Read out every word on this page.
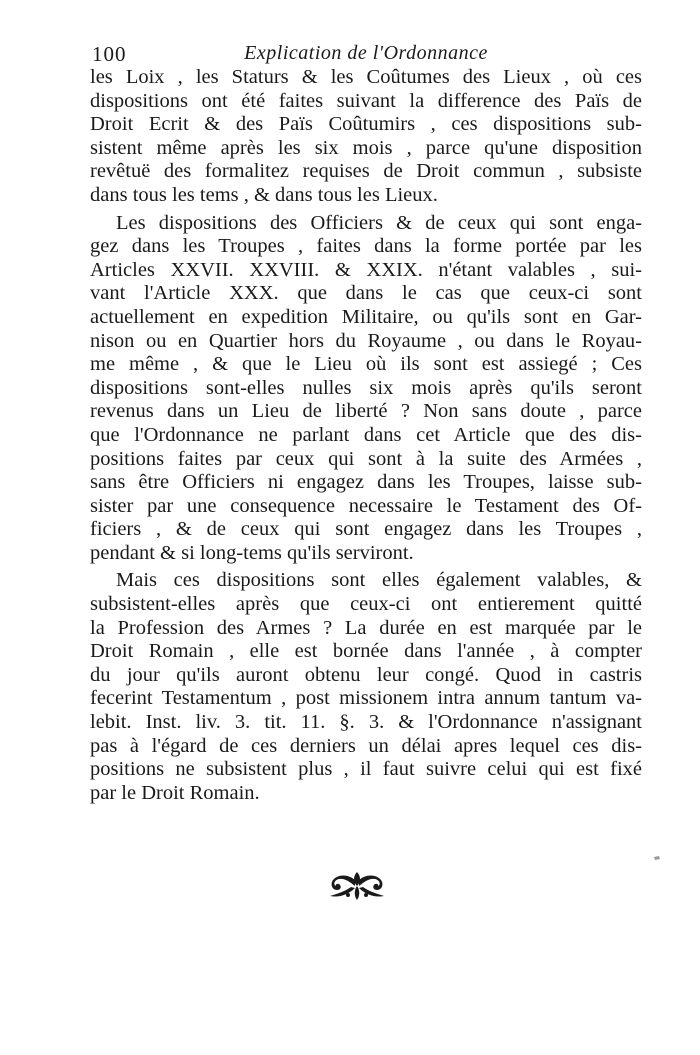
100	Explication de l'Ordonnance
les Loix , les Staturs & les Coûtumes des Lieux , où ces
dispositions ont été faites suivant la difference des Païs de
Droit Ecrit & des Païs Coûtumirs , ces dispositions sub-
sistent même après les six mois , parce qu'une disposition
revêtuë des formalitez requises de Droit commun , subsiste
dans tous les tems , & dans tous les Lieux.
Les dispositions des Officiers & de ceux qui sont enga-
gez dans les Troupes , faites dans la forme portée par les
Articles XXVII. XXVIII. & XXIX. n'étant valables , sui-
vant l'Article XXX. que dans le cas que ceux-ci sont
actuellement en expedition Militaire, ou qu'ils sont en Gar-
nison ou en Quartier hors du Royaume , ou dans le Royau-
me même , & que le Lieu où ils sont est assiegé ; Ces
dispositions sont-elles nulles six mois après qu'ils seront
revenus dans un Lieu de liberté ? Non sans doute , parce
que l'Ordonnance ne parlant dans cet Article que des dis-
positions faites par ceux qui sont à la suite des Armées ,
sans être Officiers ni engagez dans les Troupes, laisse sub-
sister par une consequence necessaire le Testament des Of-
ficiers , & de ceux qui sont engagez dans les Troupes ,
pendant & si long-tems qu'ils serviront.
Mais ces dispositions sont elles également valables, &
subsistent-elles après que ceux-ci ont entierement quitté
la Profession des Armes ? La durée en est marquée par le
Droit Romain , elle est bornée dans l'année , à compter
du jour qu'ils auront obtenu leur congé. Quod in castris
fecerint Testamentum , post missionem intra annum tantum va-
lebit. Inst. liv. 3. tit. 11. §. 3. & l'Ordonnance n'assignant
pas à l'égard de ces derniers un délai apres lequel ces dis-
positions ne subsistent plus , il faut suivre celui qui est fixé
par le Droit Romain.
